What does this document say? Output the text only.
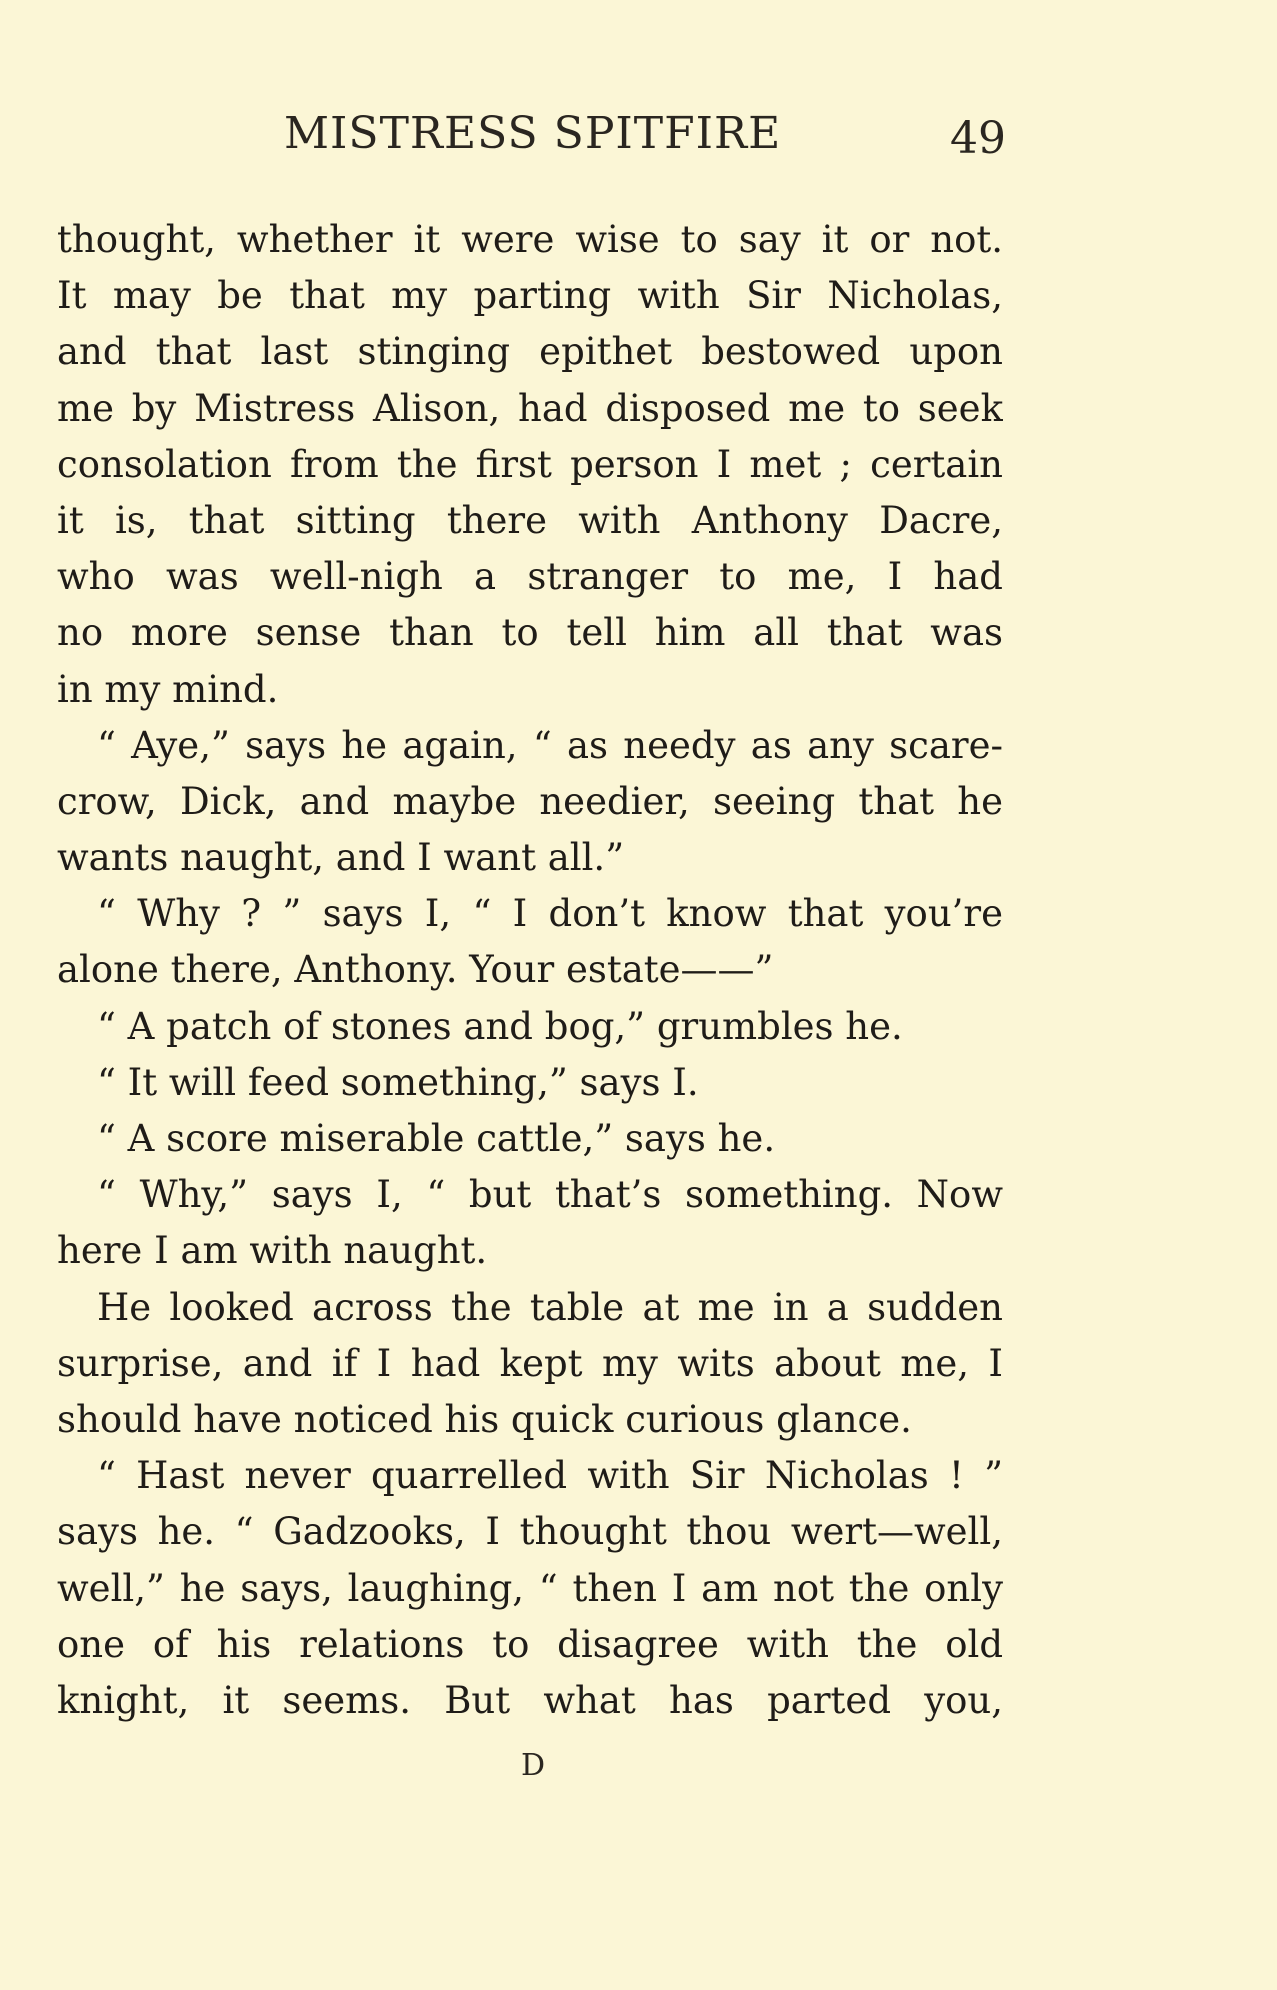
MISTRESS SPITFIRE	49
thought, whether it were wise to say it or not.
It may be that my parting with Sir Nicholas,
and that last stinging epithet bestowed upon
me by Mistress Alison, had disposed me to seek
consolation from the first person I met ; certain
it is, that sitting there with Anthony Dacre,
who was well-nigh a stranger to me, I had
no more sense than to tell him all that was
in my mind.
“ Aye,” says he again, “ as needy as any scare-
crow, Dick, and maybe needier, seeing that he
wants naught, and I want all.”
“ Why ? ” says I, “ I don’t know that you’re
alone there, Anthony. Your estate——”
“ A patch of stones and bog,” grumbles he.
“ It will feed something,” says I.
“ A score miserable cattle,” says he.
“ Why,” says I, “ but that’s something. Now
here I am with naught.
He looked across the table at me in a sudden
surprise, and if I had kept my wits about me, I
should have noticed his quick curious glance.
“ Hast never quarrelled with Sir Nicholas ! ”
says he. “ Gadzooks, I thought thou wert—well,
well,” he says, laughing, “ then I am not the only
one of his relations to disagree with the old
knight, it seems. But what has parted you,
D
